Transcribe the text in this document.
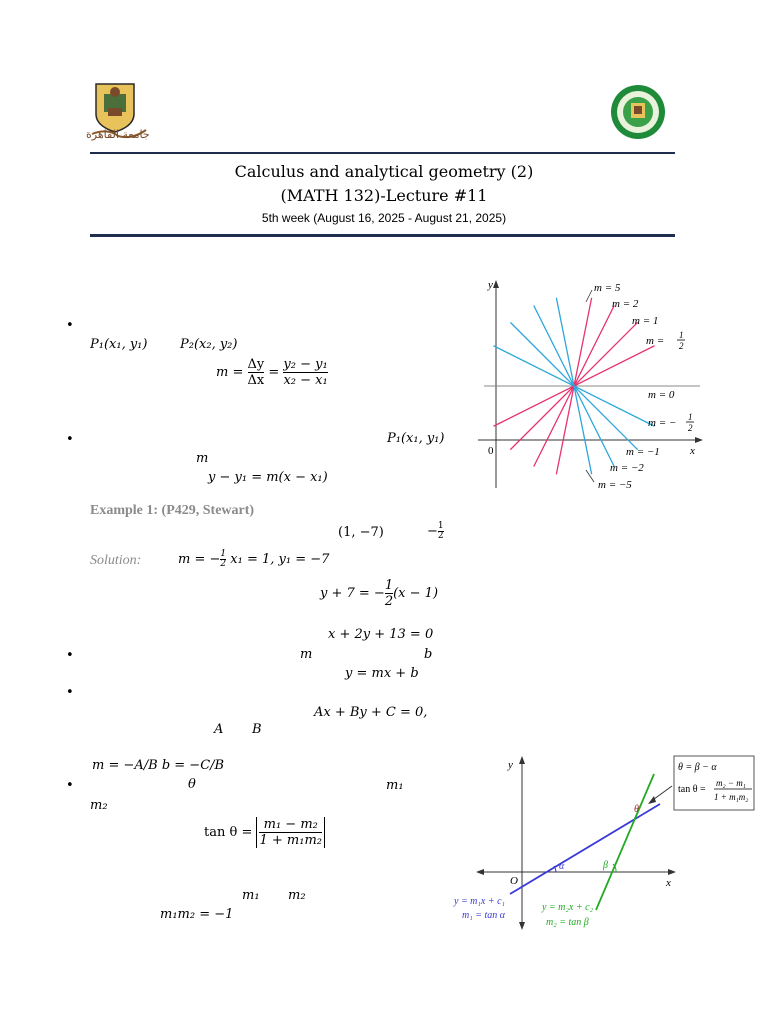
جامعة القاهرة
Calculus and analytical geometry (2)
(MATH 132)-Lecture #11
5th week (August 16, 2025 - August 21, 2025)
•
P₁(x₁, y₁)	P₂(x₂, y₂)
$m = \frac{\Delta y}{\Delta x} = \frac{\text{y₂ − y₁}}{\text{x₂ − x₁}}$
•	P₁(x₁, y₁)
m
y − y₁ = m(x − x₁)
y
x
0
m = 5
m = 2
m = 1
m = 1
2
m = 0
m = − 1
2
m = −1
m = −2
m = −5
Example 1: (P429, Stewart)
(1, −7)	− $\frac{1}{2}$
Solution:	m = − $\frac{1}{2} x_1 = 1$, y₁ = −7
y + 7 = − $\frac{1}{2} (x - 1)$
x + 2y + 13 = 0
•	m	b
y = mx + b
•
Ax + By + C = 0,
A B
m = −A/B b = −C/B
•	θ	m₁
m₂
$\tan \theta = \frac{\text{m₁ − m₂}}{\text{1 + m₁m₂}}$
m₁ m₂
m₁m₂ = −1
y
x
O
α	β
θ
θ = β − α
tan θ =
m₂ − m₁
1 + m₁m₂
y = m₁x + c₁
m₁ = tan α
y = m₂x + c₂
m₂ = tan β
